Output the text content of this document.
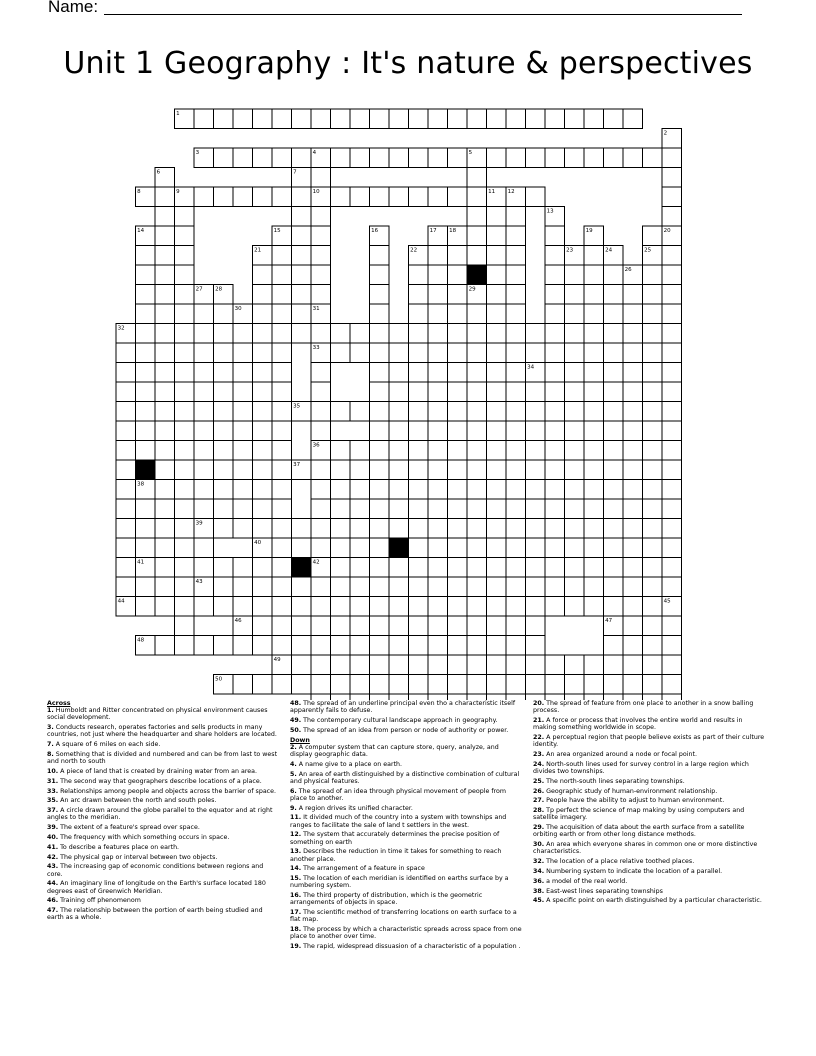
Name:
Unit 1 Geography : It's nature & perspectives
1
2
3	4	5
6	7
8	9	10	11 12
13
14	15	16	17 18	19	20
21	22	23	24	25
26
27 28	29
30	31
32
33
34
35
36
37
38
39
40
41	42
43
44	45
46	47
48
49
50
Across
1. Humboldt and Ritter concentrated on physical environment causes social development.
3. Conducts research, operates factories and sells products in many countries, not just where the headquarter and share holders are located.
7. A square of 6 miles on each side.
8. Something that is divided and numbered and can be from last to west and north to south
10. A piece of land that is created by draining water from an area.
31. The second way that geographers describe locations of a place.
33. Relationships among people and objects across the barrier of space.
35. An arc drawn between the north and south poles.
37. A circle drawn around the globe parallel to the equator and at right angles to the meridian.
39. The extent of a feature's spread over space.
40. The frequency with which something occurs in space.
41. To describe a features place on earth.
42. The physical gap or interval between two objects.
43. The increasing gap of economic conditions between regions and core.
44. An imaginary line of longitude on the Earth's surface located 180 degrees east of Greenwich Meridian.
46. Training off phenomenom
47. The relationship between the portion of earth being studied and earth as a whole.
48. The spread of an underline principal even tho a characteristic itself apparently fails to defuse.
49. The contemporary cultural landscape approach in geography.
50. The spread of an idea from person or node of authority or power.
Down
2. A computer system that can capture store, query, analyze, and display geographic data.
4. A name give to a place on earth.
5. An area of earth distinguished by a distinctive combination of cultural and physical features.
6. The spread of an idea through physical movement of people from place to another.
9. A region drives its unified character.
11. It divided much of the country into a system with townships and ranges to facilitate the sale of land t settlers in the west.
12. The system that accurately determines the precise position of something on earth
13. Describes the reduction in time it takes for something to reach another place.
14. The arrangement of a feature in space
15. The location of each meridian is identified on earths surface by a numbering system.
16. The third property of distribution, which is the geometric arrangements of objects in space.
17. The scientific method of transferring locations on earth surface to a flat map.
18. The process by which a characteristic spreads across space from one place to another over time.
19. The rapid, widespread dissuasion of a characteristic of a population .
20. The spread of feature from one place to another in a snow balling process.
21. A force or process that involves the entire world and results in making something worldwide in scope.
22. A perceptual region that people believe exists as part of their culture identity.
23. An area organized around a node or focal point.
24. North-south lines used for survey control in a large region which divides two townships.
25. The north-south lines separating townships.
26. Geographic study of human-environment relationship.
27. People have the ability to adjust to human environment.
28. Tp perfect the science of map making by using computers and satellite imagery.
29. The acquisition of data about the earth surface from a satellite orbiting earth or from other long distance methods.
30. An area which everyone shares in common one or more distinctive characteristics.
32. The location of a place relative toothed places.
34. Numbering system to indicate the location of a parallel.
36. a model of the real world.
38. East-west lines separating townships
45. A specific point on earth distinguished by a particular characteristic.
